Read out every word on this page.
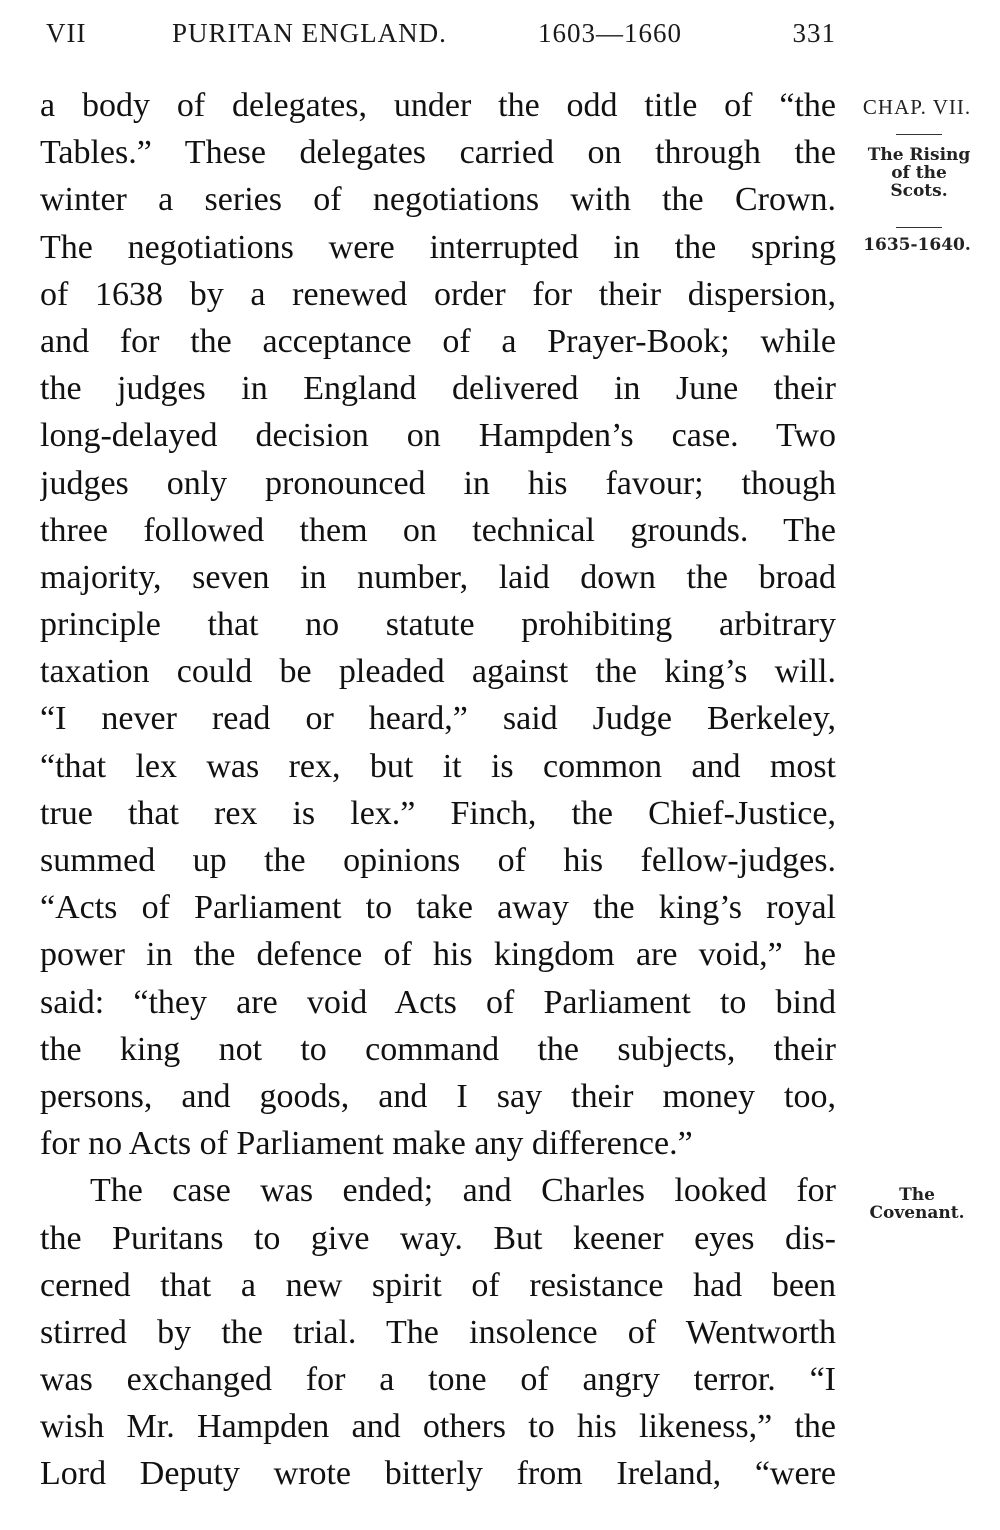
VII	PURITAN ENGLAND.	1603—1660	331
a body of delegates, under the odd title of “the
Tables.” These delegates carried on through the
winter a series of negotiations with the Crown.
The negotiations were interrupted in the spring
of 1638 by a renewed order for their dispersion,
and for the acceptance of a Prayer-Book; while
the judges in England delivered in June their
long-delayed decision on Hampden’s case. Two
judges only pronounced in his favour; though
three followed them on technical grounds. The
majority, seven in number, laid down the broad
principle that no statute prohibiting arbitrary
taxation could be pleaded against the king’s will.
“I never read or heard,” said Judge Berkeley,
“that lex was rex, but it is common and most
true that rex is lex.” Finch, the Chief-Justice,
summed up the opinions of his fellow-judges.
“Acts of Parliament to take away the king’s royal
power in the defence of his kingdom are void,” he
said: “they are void Acts of Parliament to bind
the king not to command the subjects, their
persons, and goods, and I say their money too,
for no Acts of Parliament make any difference.”
The case was ended; and Charles looked for
the Puritans to give way. But keener eyes dis-
cerned that a new spirit of resistance had been
stirred by the trial. The insolence of Wentworth
was exchanged for a tone of angry terror. “I
wish Mr. Hampden and others to his likeness,” the
Lord Deputy wrote bitterly from Ireland, “were
CHAP. VII.
The Rising
of the
Scots.
1635-1640.
The
Covenant.
